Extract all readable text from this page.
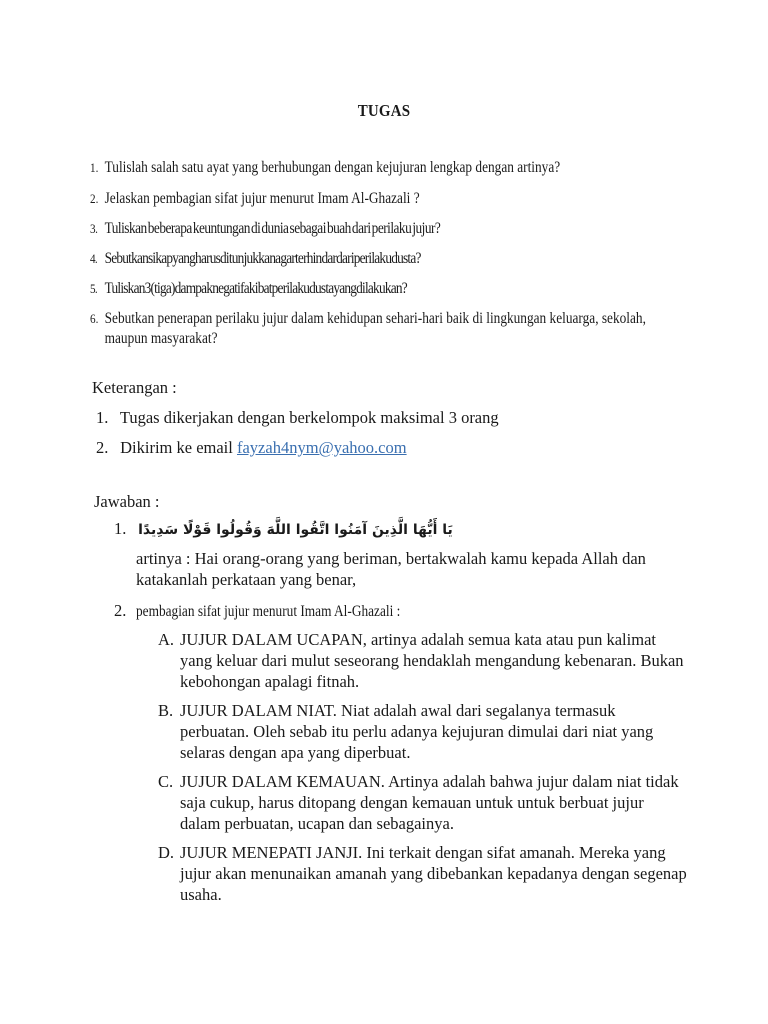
TUGAS
1. Tulislah salah satu ayat yang berhubungan dengan kejujuran lengkap dengan artinya?
2. Jelaskan pembagian sifat jujur menurut Imam Al-Ghazali ?
3. Tuliskan beberapa keuntungan di dunia sebagai buah dari perilaku jujur?
4. Sebutkan sikap yang harus ditunjukkan agar terhindar dari perilaku dusta?
5. Tuliskan 3 (tiga) dampak negatif akibat perilaku dusta yang dilakukan?
6. Sebutkan penerapan perilaku jujur dalam kehidupan sehari-hari baik di lingkungan keluarga, sekolah, maupun masyarakat?
Keterangan :
1. Tugas dikerjakan dengan berkelompok maksimal 3 orang
2. Dikirim ke email fayzah4nym@yahoo.com
Jawaban :
1. يَا أَيُّهَا الَّذِينَ آمَنُوا اتَّقُوا اللَّهَ وَقُولُوا قَوْلًا سَدِيدًا
artinya : Hai orang-orang yang beriman, bertakwalah kamu kepada Allah dan katakanlah perkataan yang benar,
2. pembagian sifat jujur menurut Imam Al-Ghazali :
A. JUJUR DALAM UCAPAN, artinya adalah semua kata atau pun kalimat yang keluar dari mulut seseorang hendaklah mengandung kebenaran. Bukan kebohongan apalagi fitnah.
B. JUJUR DALAM NIAT. Niat adalah awal dari segalanya termasuk perbuatan. Oleh sebab itu perlu adanya kejujuran dimulai dari niat yang selaras dengan apa yang diperbuat.
C. JUJUR DALAM KEMAUAN. Artinya adalah bahwa jujur dalam niat tidak saja cukup, harus ditopang dengan kemauan untuk untuk berbuat jujur dalam perbuatan, ucapan dan sebagainya.
D. JUJUR MENEPATI JANJI. Ini terkait dengan sifat amanah. Mereka yang jujur akan menunaikan amanah yang dibebankan kepadanya dengan segenap usaha.
